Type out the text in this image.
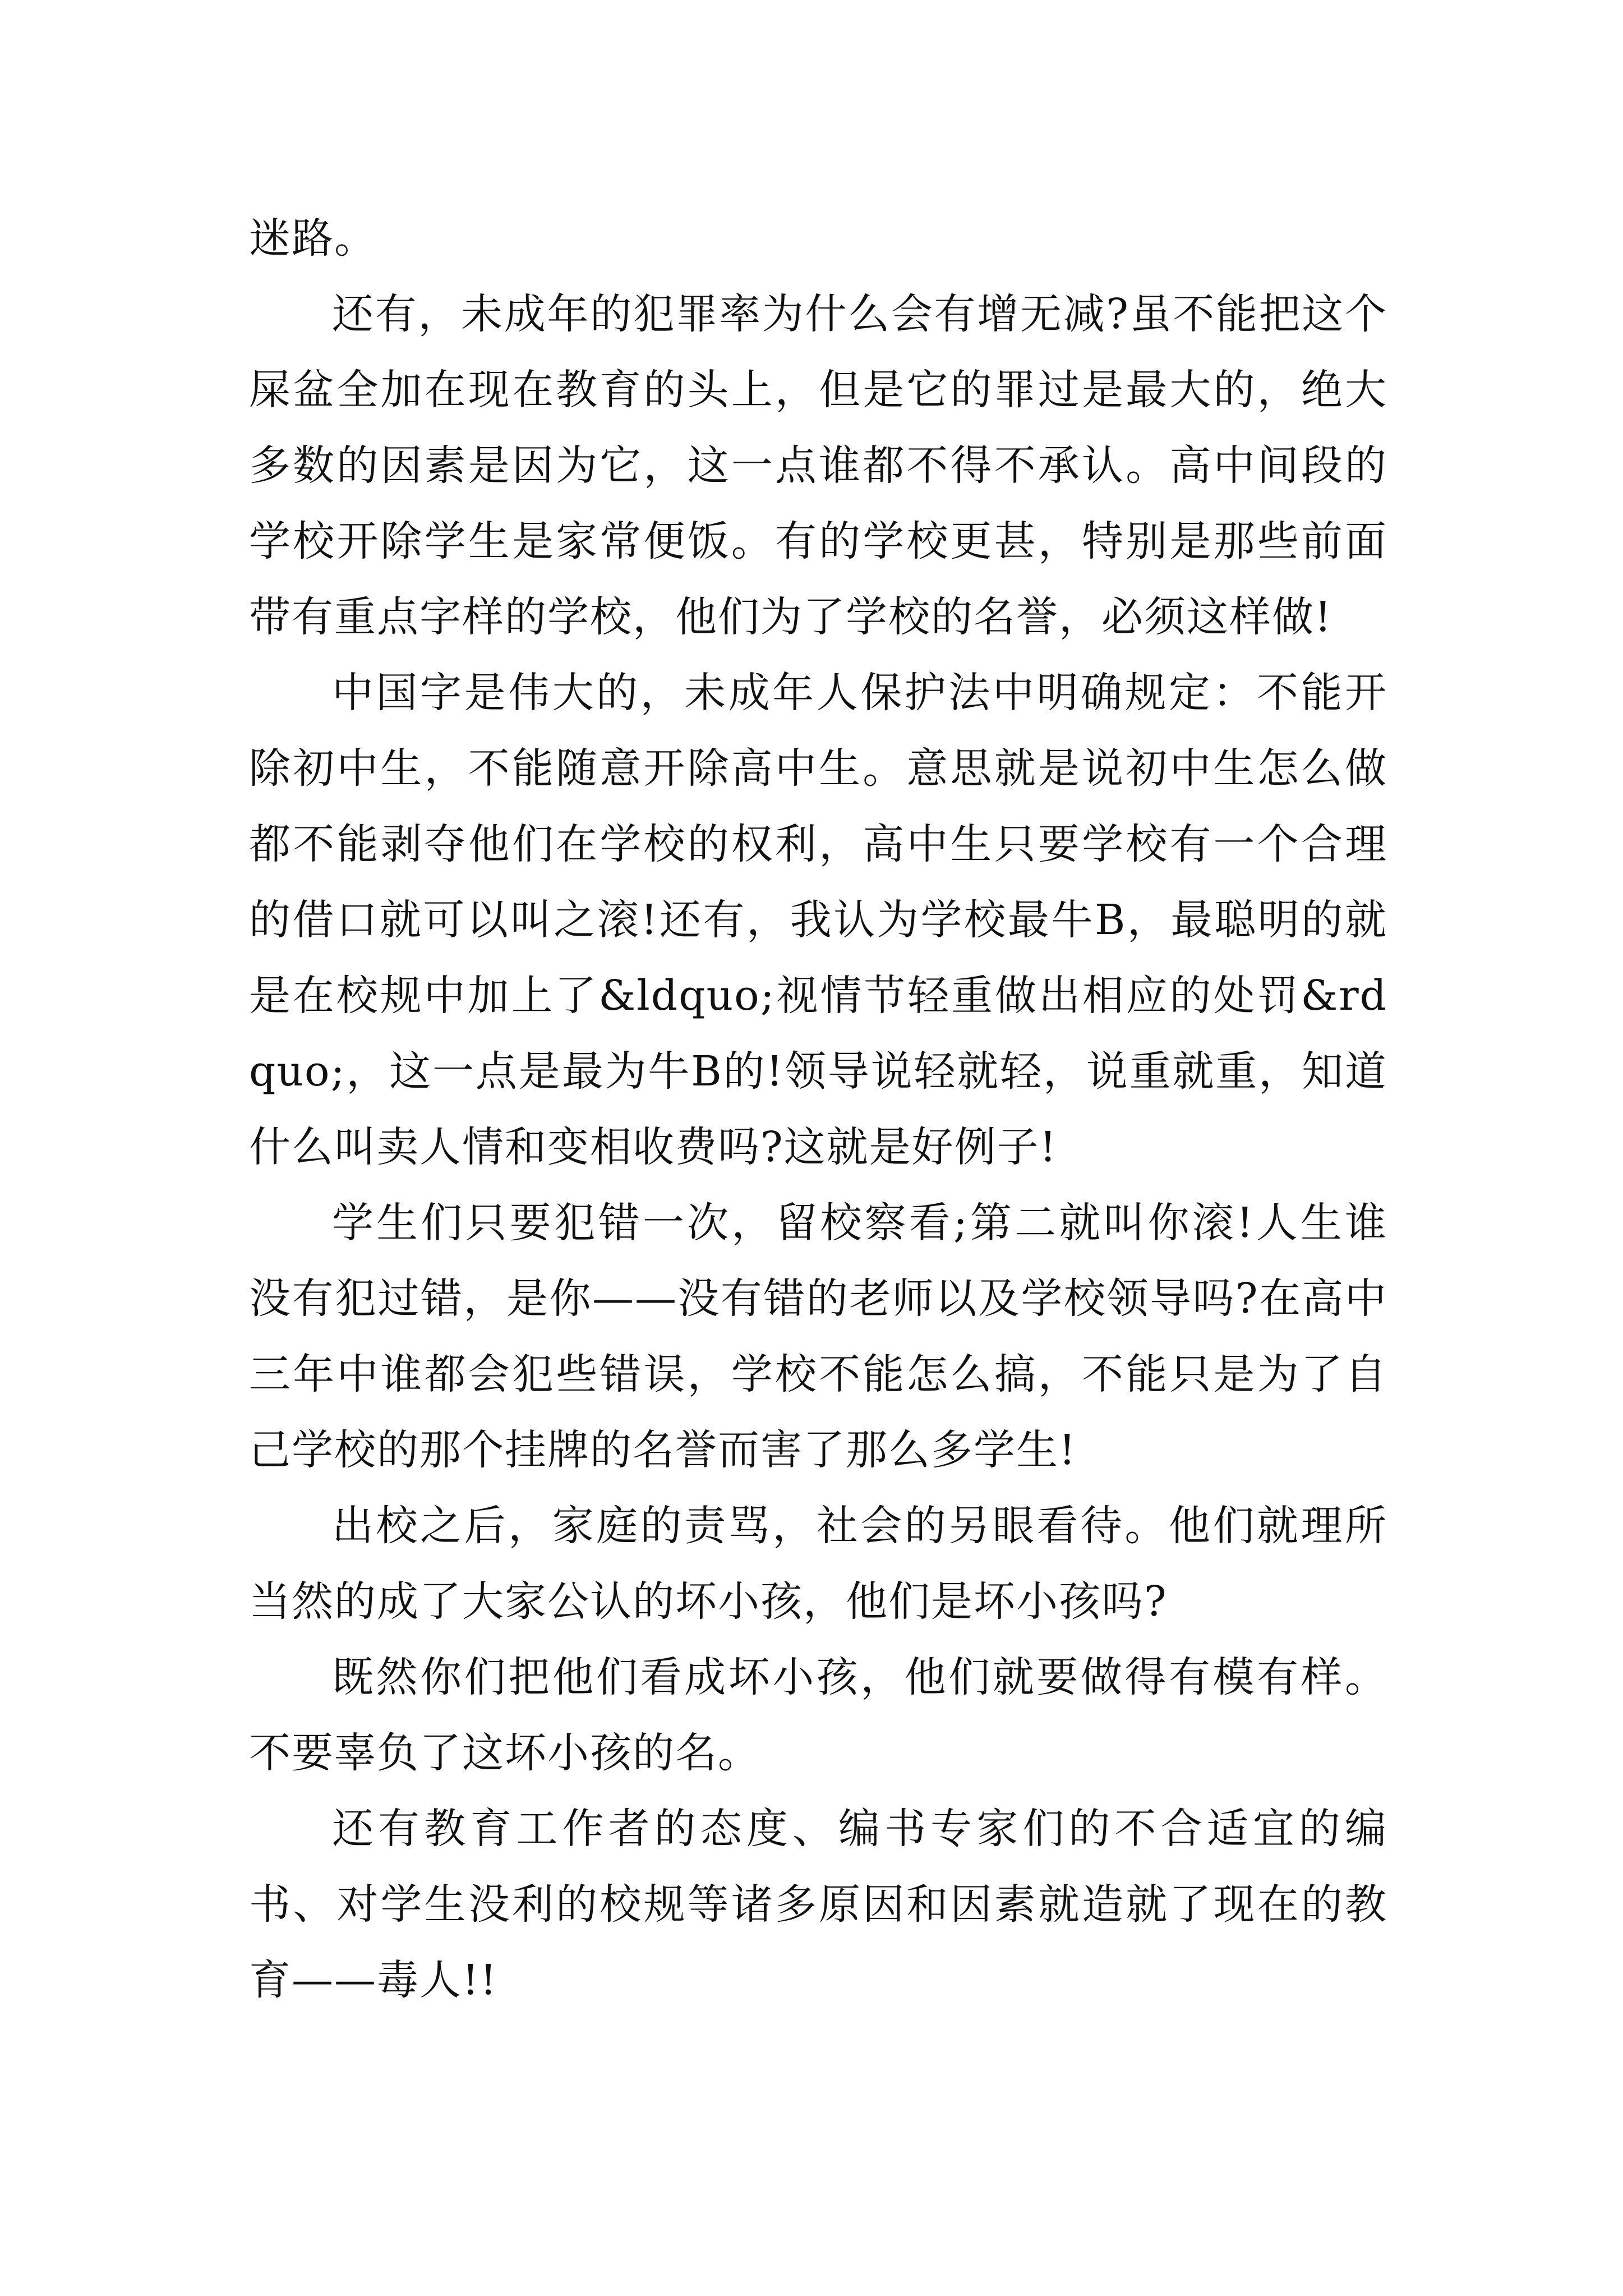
迷路。

还有，未成年的犯罪率为什么会有增无减?虽不能把这个屎盆全加在现在教育的头上，但是它的罪过是最大的，绝大多数的因素是因为它，这一点谁都不得不承认。高中间段的学校开除学生是家常便饭。有的学校更甚，特别是那些前面带有重点字样的学校，他们为了学校的名誉，必须这样做!

中国字是伟大的，未成年人保护法中明确规定：不能开除初中生，不能随意开除高中生。意思就是说初中生怎么做都不能剥夺他们在学校的权利，高中生只要学校有一个合理的借口就可以叫之滚!还有，我认为学校最牛B，最聪明的就是在校规中加上了&ldquo;视情节轻重做出相应的处罚&rdquo;，这一点是最为牛B的!领导说轻就轻，说重就重，知道什么叫卖人情和变相收费吗?这就是好例子!

学生们只要犯错一次，留校察看;第二就叫你滚!人生谁没有犯过错，是你——没有错的老师以及学校领导吗?在高中三年中谁都会犯些错误，学校不能怎么搞，不能只是为了自己学校的那个挂牌的名誉而害了那么多学生!

出校之后，家庭的责骂，社会的另眼看待。他们就理所当然的成了大家公认的坏小孩，他们是坏小孩吗?

既然你们把他们看成坏小孩，他们就要做得有模有样。不要辜负了这坏小孩的名。

还有教育工作者的态度、编书专家们的不合适宜的编书、对学生没利的校规等诸多原因和因素就造就了现在的教育——毒人!!
